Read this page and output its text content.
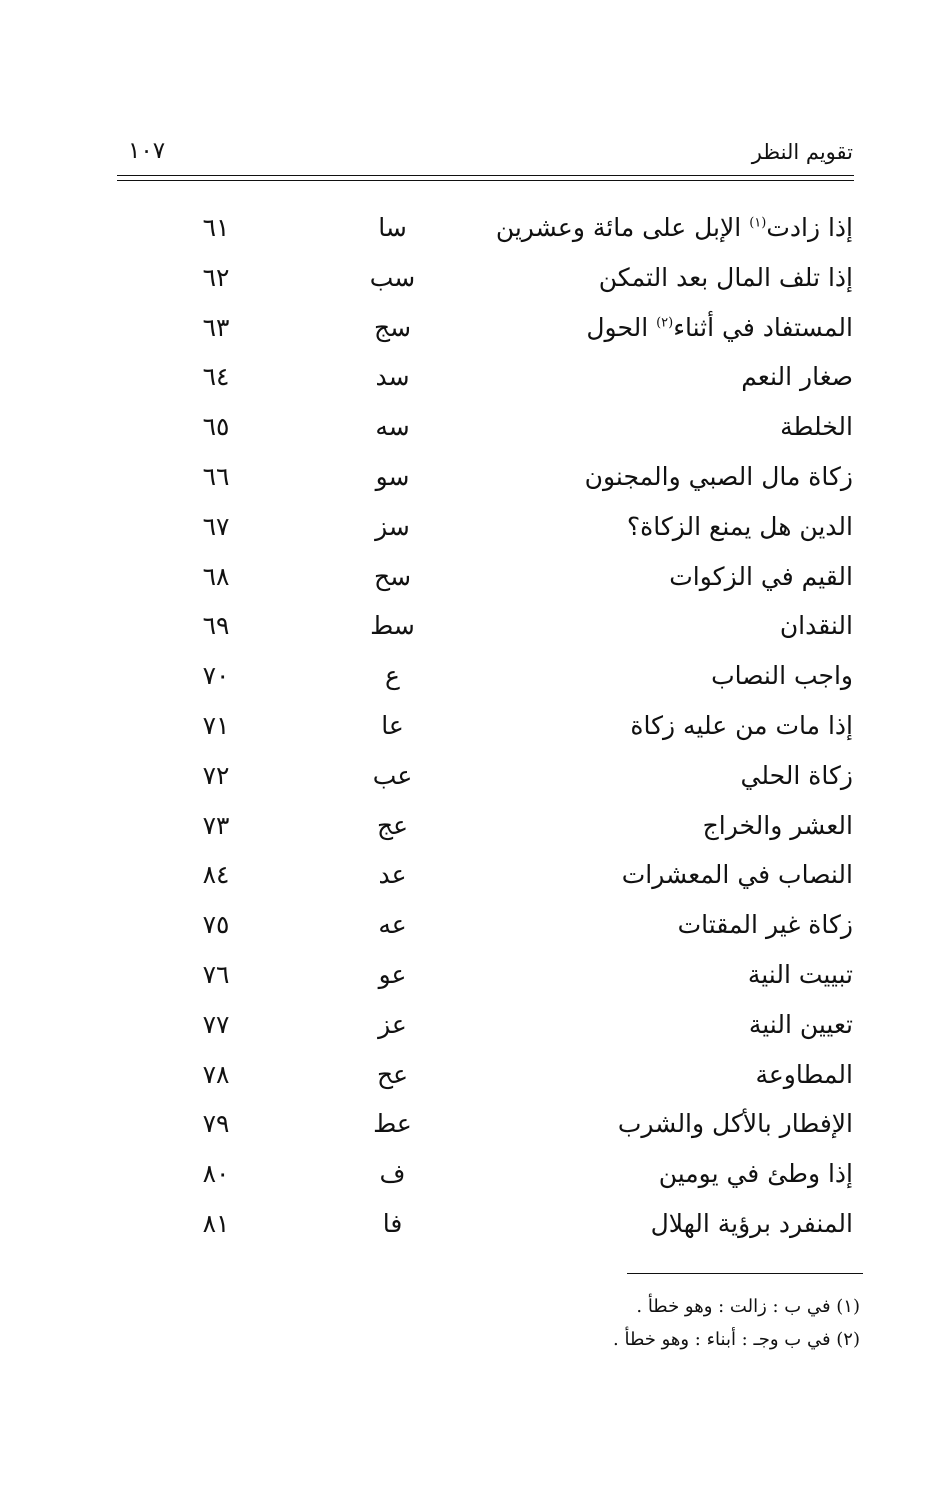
تقويم النظر
١٠٧
إذا زادت$^{(١)}$ الإبل على مائة وعشرين
سا
٦١
إذا تلف المال بعد التمكن
سب
٦٢
المستفاد في أثناء$^{(٢)}$ الحول
سج
٦٣
صغار النعم
سد
٦٤
الخلطة
سه
٦٥
زكاة مال الصبي والمجنون
سو
٦٦
الدين هل يمنع الزكاة؟
سز
٦٧
القيم في الزكوات
سح
٦٨
النقدان
سط
٦٩
واجب النصاب
ع
٧٠
إذا مات من عليه زكاة
عا
٧١
زكاة الحلي
عب
٧٢
العشر والخراج
عج
٧٣
النصاب في المعشرات
عد
٨٤
زكاة غير المقتات
عه
٧٥
تبييت النية
عو
٧٦
تعيين النية
عز
٧٧
المطاوعة
عح
٧٨
الإفطار بالأكل والشرب
عط
٧٩
إذا وطئ في يومين
ف
٨٠
المنفرد برؤية الهلال
فا
٨١
(١) في ب : زالت : وهو خطأ .
(٢) في ب وجـ : أبناء : وهو خطأ .
